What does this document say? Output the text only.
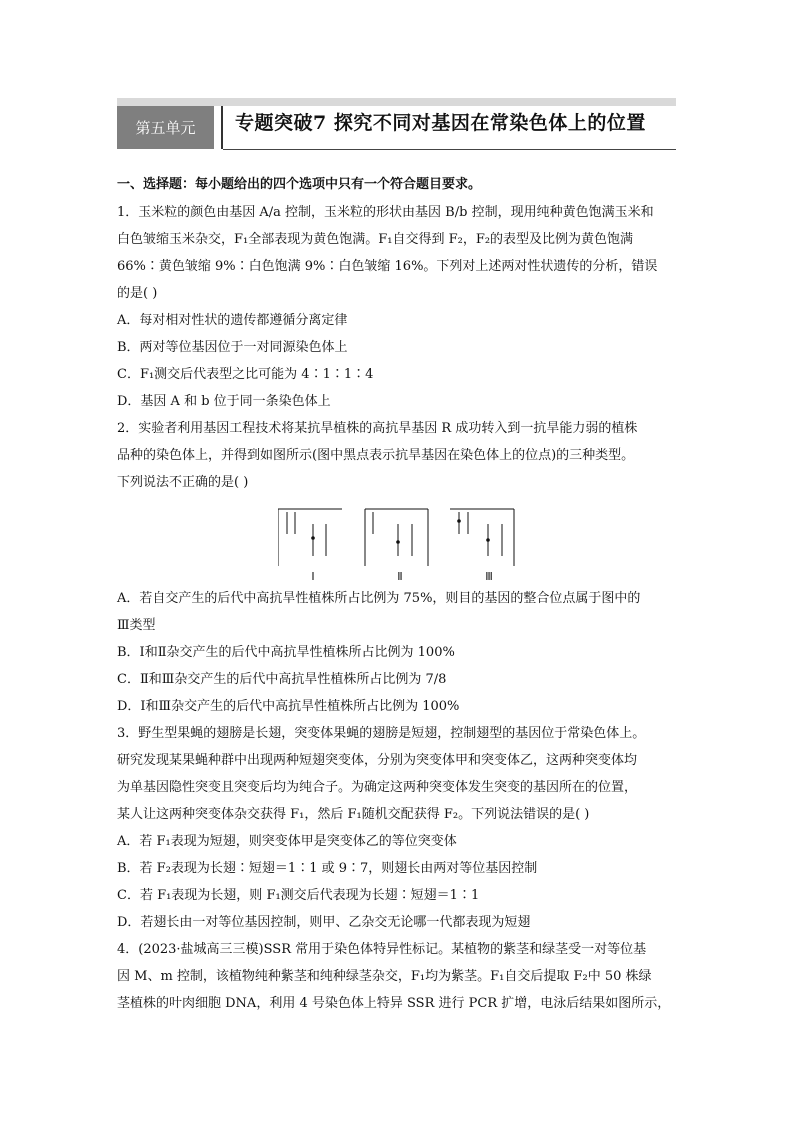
第五单元	专题突破7 探究不同对基因在常染色体上的位置
一、选择题：每小题给出的四个选项中只有一个符合题目要求。
1．玉米粒的颜色由基因 A/a 控制，玉米粒的形状由基因 B/b 控制，现用纯种黄色饱满玉米和
白色皱缩玉米杂交，F₁全部表现为黄色饱满。F₁自交得到 F₂，F₂的表型及比例为黄色饱满
66%∶黄色皱缩 9%∶白色饱满 9%∶白色皱缩 16%。下列对上述两对性状遗传的分析，错误
的是( )
A．每对相对性状的遗传都遵循分离定律
B．两对等位基因位于一对同源染色体上
C．F₁测交后代表型之比可能为 4∶1∶1∶4
D．基因 A 和 b 位于同一条染色体上
2．实验者利用基因工程技术将某抗旱植株的高抗旱基因 R 成功转入到一抗旱能力弱的植株
品种的染色体上，并得到如图所示(图中黑点表示抗旱基因在染色体上的位点)的三种类型。
下列说法不正确的是( )
A．若自交产生的后代中高抗旱性植株所占比例为 75%，则目的基因的整合位点属于图中的
Ⅲ类型
B．Ⅰ和Ⅱ杂交产生的后代中高抗旱性植株所占比例为 100%
C．Ⅱ和Ⅲ杂交产生的后代中高抗旱性植株所占比例为 7/8
D．Ⅰ和Ⅲ杂交产生的后代中高抗旱性植株所占比例为 100%
3．野生型果蝇的翅膀是长翅，突变体果蝇的翅膀是短翅，控制翅型的基因位于常染色体上。
研究发现某果蝇种群中出现两种短翅突变体，分别为突变体甲和突变体乙，这两种突变体均
为单基因隐性突变且突变后均为纯合子。为确定这两种突变体发生突变的基因所在的位置，
某人让这两种突变体杂交获得 F₁，然后 F₁随机交配获得 F₂。下列说法错误的是( )
A．若 F₁表现为短翅，则突变体甲是突变体乙的等位突变体
B．若 F₂表现为长翅∶短翅＝1∶1 或 9∶7，则翅长由两对等位基因控制
C．若 F₁表现为长翅，则 F₁测交后代表现为长翅∶短翅＝1∶1
D．若翅长由一对等位基因控制，则甲、乙杂交无论哪一代都表现为短翅
4．(2023·盐城高三三模)SSR 常用于染色体特异性标记。某植物的紫茎和绿茎受一对等位基
因 M、m 控制，该植物纯种紫茎和纯种绿茎杂交，F₁均为紫茎。F₁自交后提取 F₂中 50 株绿
茎植株的叶肉细胞 DNA，利用 4 号染色体上特异 SSR 进行 PCR 扩增，电泳后结果如图所示，
Ⅰ	Ⅱ	Ⅲ
